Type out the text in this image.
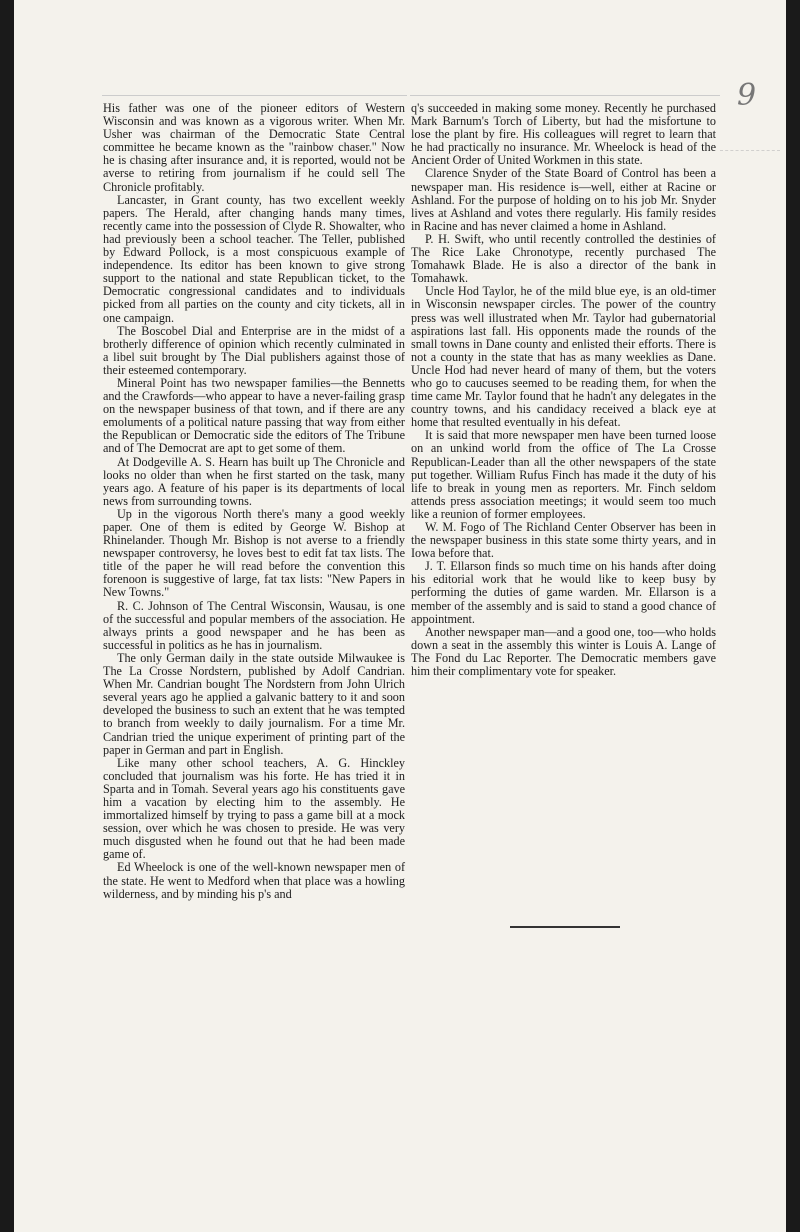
9

His father was one of the pioneer editors of Western Wisconsin and was known as a vigorous writer. When Mr. Usher was chairman of the Democratic State Central committee he became known as the "rainbow chaser." Now he is chasing after insurance and, it is reported, would not be averse to retiring from journalism if he could sell The Chronicle profitably.

Lancaster, in Grant county, has two excellent weekly papers. The Herald, after changing hands many times, recently came into the possession of Clyde R. Showalter, who had previously been a school teacher. The Teller, published by Edward Pollock, is a most conspicuous example of independence. Its editor has been known to give strong support to the national and state Republican ticket, to the Democratic congressional candidates and to individuals picked from all parties on the county and city tickets, all in one campaign.

The Boscobel Dial and Enterprise are in the midst of a brotherly difference of opinion which recently culminated in a libel suit brought by The Dial publishers against those of their esteemed contemporary.

Mineral Point has two newspaper families—the Bennetts and the Crawfords—who appear to have a never-failing grasp on the newspaper business of that town, and if there are any emoluments of a political nature passing that way from either the Republican or Democratic side the editors of The Tribune and of The Democrat are apt to get some of them.

At Dodgeville A. S. Hearn has built up The Chronicle and looks no older than when he first started on the task, many years ago. A feature of his paper is its departments of local news from surrounding towns.

Up in the vigorous North there's many a good weekly paper. One of them is edited by George W. Bishop at Rhinelander. Though Mr. Bishop is not averse to a friendly newspaper controversy, he loves best to edit fat tax lists. The title of the paper he will read before the convention this forenoon is suggestive of large, fat tax lists: "New Papers in New Towns."

R. C. Johnson of The Central Wisconsin, Wausau, is one of the successful and popular members of the association. He always prints a good newspaper and he has been as successful in politics as he has in journalism.

The only German daily in the state outside Milwaukee is The La Crosse Nordstern, published by Adolf Candrian. When Mr. Candrian bought The Nordstern from John Ulrich several years ago he applied a galvanic battery to it and soon developed the business to such an extent that he was tempted to branch from weekly to daily journalism. For a time Mr. Candrian tried the unique experiment of printing part of the paper in German and part in English.

Like many other school teachers, A. G. Hinckley concluded that journalism was his forte. He has tried it in Sparta and in Tomah. Several years ago his constituents gave him a vacation by electing him to the assembly. He immortalized himself by trying to pass a game bill at a mock session, over which he was chosen to preside. He was very much disgusted when he found out that he had been made game of.

Ed Wheelock is one of the well-known newspaper men of the state. He went to Medford when that place was a howling wilderness, and by minding his p's and

q's succeeded in making some money. Recently he purchased Mark Barnum's Torch of Liberty, but had the misfortune to lose the plant by fire. His colleagues will regret to learn that he had practically no insurance. Mr. Wheelock is head of the Ancient Order of United Workmen in this state.

Clarence Snyder of the State Board of Control has been a newspaper man. His residence is—well, either at Racine or Ashland. For the purpose of holding on to his job Mr. Snyder lives at Ashland and votes there regularly. His family resides in Racine and has never claimed a home in Ashland.

P. H. Swift, who until recently controlled the destinies of The Rice Lake Chronotype, recently purchased The Tomahawk Blade. He is also a director of the bank in Tomahawk.

Uncle Hod Taylor, he of the mild blue eye, is an old-timer in Wisconsin newspaper circles. The power of the country press was well illustrated when Mr. Taylor had gubernatorial aspirations last fall. His opponents made the rounds of the small towns in Dane county and enlisted their efforts. There is not a county in the state that has as many weeklies as Dane. Uncle Hod had never heard of many of them, but the voters who go to caucuses seemed to be reading them, for when the time came Mr. Taylor found that he hadn't any delegates in the country towns, and his candidacy received a black eye at home that resulted eventually in his defeat.

It is said that more newspaper men have been turned loose on an unkind world from the office of The La Crosse Republican-Leader than all the other newspapers of the state put together. William Rufus Finch has made it the duty of his life to break in young men as reporters. Mr. Finch seldom attends press association meetings; it would seem too much like a reunion of former employees.

W. M. Fogo of The Richland Center Observer has been in the newspaper business in this state some thirty years, and in Iowa before that.

J. T. Ellarson finds so much time on his hands after doing his editorial work that he would like to keep busy by performing the duties of game warden. Mr. Ellarson is a member of the assembly and is said to stand a good chance of appointment.

Another newspaper man—and a good one, too—who holds down a seat in the assembly this winter is Louis A. Lange of The Fond du Lac Reporter. The Democratic members gave him their complimentary vote for speaker.
